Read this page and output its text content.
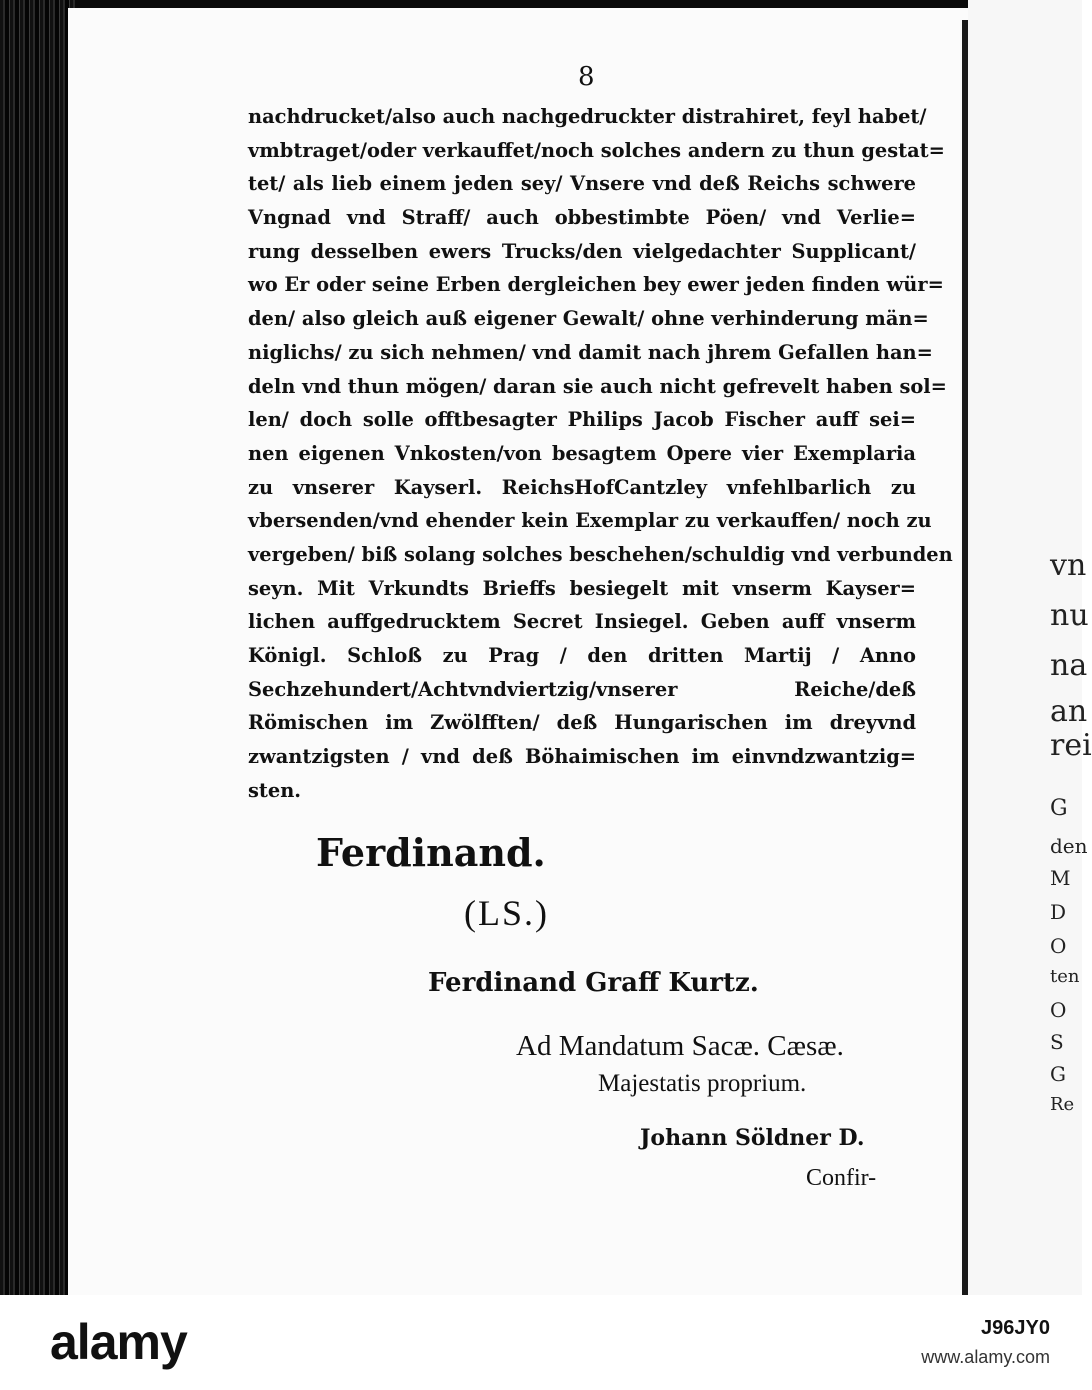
vn
nu
na
an
rei
G
den
M
D
O
ten
O
S
G
Re
8
nachdrucket/also auch nachgedruckter distrahiret, feyl habet/
vmbtraget/oder verkauffet/noch solches andern zu thun gestat=
tet/ als lieb einem jeden sey/ Vnsere vnd deß Reichs schwere
Vngnad vnd Straff/ auch obbestimbte Pöen/ vnd Verlie=
rung desselben ewers Trucks/den vielgedachter Supplicant/
wo Er oder seine Erben dergleichen bey ewer jeden finden wür=
den/ also gleich auß eigener Gewalt/ ohne verhinderung män=
niglichs/ zu sich nehmen/ vnd damit nach jhrem Gefallen han=
deln vnd thun mögen/ daran sie auch nicht gefrevelt haben sol=
len/ doch solle offtbesagter Philips Jacob Fischer auff sei=
nen eigenen Vnkosten/von besagtem Opere vier Exemplaria
zu vnserer Kayserl. ReichsHofCantzley vnfehlbarlich zu
vbersenden/vnd ehender kein Exemplar zu verkauffen/ noch zu
vergeben/ biß solang solches beschehen/schuldig vnd verbunden
seyn. Mit Vrkundts Brieffs besiegelt mit vnserm Kayser=
lichen auffgedrucktem Secret Insiegel. Geben auff vnserm
Königl. Schloß zu Prag / den dritten Martij / Anno
Sechzehundert/Achtvndviertzig/vnserer Reiche/deß
Römischen im Zwölfften/ deß Hungarischen im dreyvnd
zwantzigsten / vnd deß Böhaimischen im einvndzwantzig=
sten.
Ferdinand.
(LS.)
Ferdinand Graff Kurtz.
Ad Mandatum Sacæ. Cæsæ.
Majestatis proprium.
Johann Söldner D.
Confir-
alamy	J96JY0
www.alamy.com
